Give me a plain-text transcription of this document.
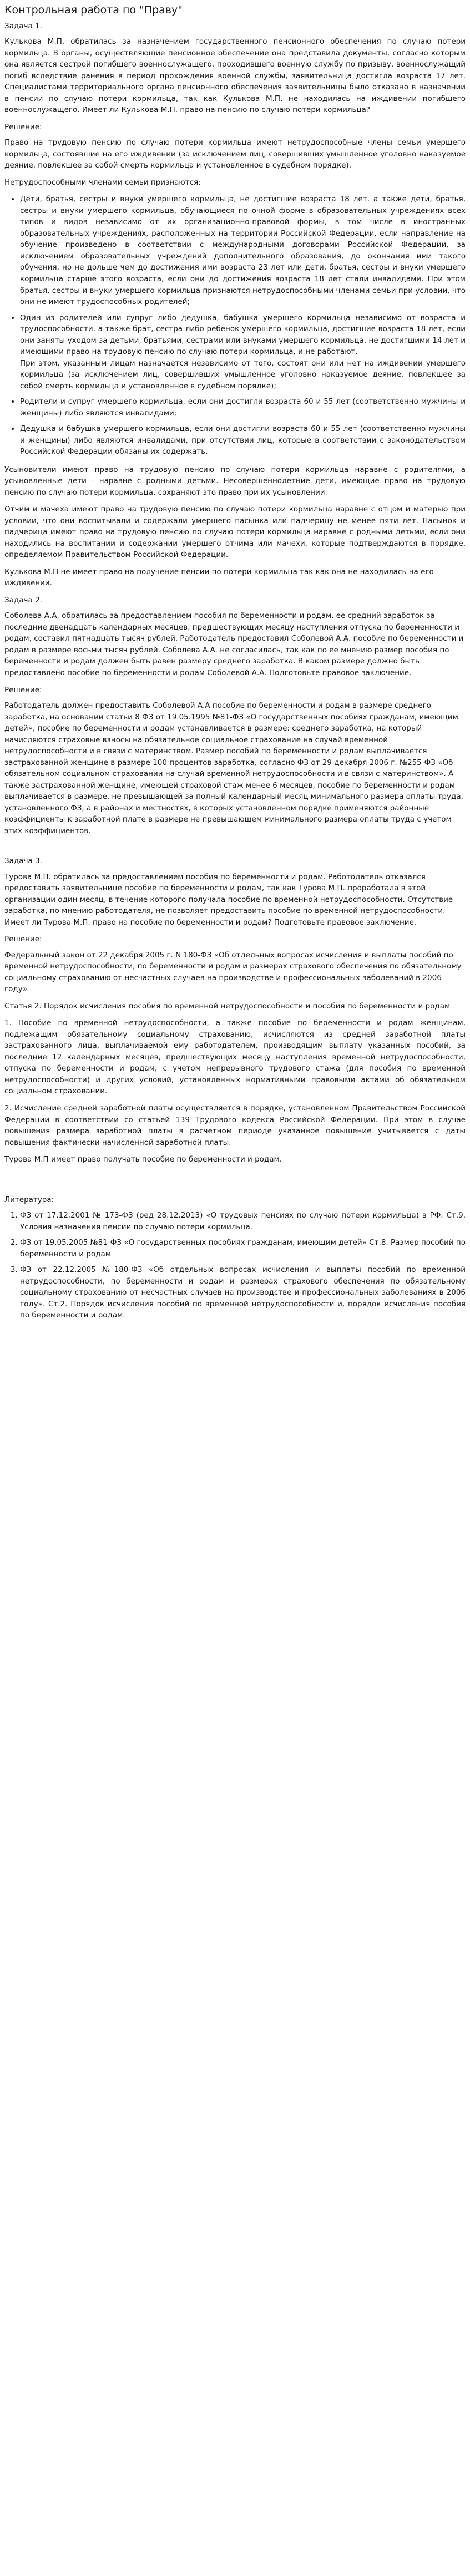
Контрольная работа по "Праву"

Задача 1.

Кулькова М.П. обратилась за назначением государственного пенсионного обеспечения по случаю потери кормильца. В органы, осуществляющие пенсионное обеспечение она представила документы, согласно которым она является сестрой погибшего военнослужащего, проходившего военную службу по призыву, военнослужащий погиб вследствие ранения в период прохождения военной службы, заявительница достигла возраста 17 лет. Специалистами территориального органа пенсионного обеспечения заявительницы было отказано в назначении в пенсии по случаю потери кормильца, так как Кулькова М.П. не находилась на иждивении погибшего военнослужащего. Имеет ли Кулькова М.П. право на пенсию по случаю потери кормильца?

Решение:

Право на трудовую пенсию по случаю потери кормильца имеют нетрудоспособные члены семьи умершего кормильца, состоявшие на его иждивении (за исключением лиц, совершивших умышленное уголовно наказуемое деяние, повлекшее за собой смерть кормильца и установленное в судебном порядке).

Нетрудоспособными членами семьи признаются:

• Дети, братья, сестры и внуки умершего кормильца, не достигшие возраста 18 лет, а также дети, братья, сестры и внуки умершего кормильца, обучающиеся по очной форме в образовательных учреждениях всех типов и видов независимо от их организационно-правовой формы, в том числе в иностранных образовательных учреждениях, расположенных на территории Российской Федерации, если направление на обучение произведено в соответствии с международными договорами Российской Федерации, за исключением образовательных учреждений дополнительного образования, до окончания ими такого обучения, но не дольше чем до достижения ими возраста 23 лет или дети, братья, сестры и внуки умершего кормильца старше этого возраста, если они до достижения возраста 18 лет стали инвалидами. При этом братья, сестры и внуки умершего кормильца признаются нетрудоспособными членами семьи при условии, что они не имеют трудоспособных родителей;
• Один из родителей или супруг либо дедушка, бабушка умершего кормильца независимо от возраста и трудоспособности, а также брат, сестра либо ребенок умершего кормильца, достигшие возраста 18 лет, если они заняты уходом за детьми, братьями, сестрами или внуками умершего кормильца, не достигшими 14 лет и имеющими право на трудовую пенсию по случаю потери кормильца, и не работают.
При этом, указанным лицам назначается независимо от того, состоят они или нет на иждивении умершего кормильца (за исключением лиц, совершивших умышленное уголовно наказуемое деяние, повлекшее за собой смерть кормильца и установленное в судебном порядке);
• Родители и супруг умершего кормильца, если они достигли возраста 60 и 55 лет (соответственно мужчины и женщины) либо являются инвалидами;
• Дедушка и бабушка умершего кормильца, если они достигли возраста 60 и 55 лет (соответственно мужчины и женщины) либо являются инвалидами, при отсутствии лиц, которые в соответствии с законодательством Российской Федерации обязаны их содержать.

Усыновители имеют право на трудовую пенсию по случаю потери кормильца наравне с родителями, а усыновленные дети - наравне с родными детьми. Несовершеннолетние дети, имеющие право на трудовую пенсию по случаю потери кормильца, сохраняют это право при их усыновлении.

Отчим и мачеха имеют право на трудовую пенсию по случаю потери кормильца наравне с отцом и матерью при условии, что они воспитывали и содержали умершего пасынка или падчерицу не менее пяти лет. Пасынок и падчерица имеют право на трудовую пенсию по случаю потери кормильца наравне с родными детьми, если они находились на воспитании и содержании умершего отчима или мачехи, которые подтверждаются в порядке, определяемом Правительством Российской Федерации.

Кулькова М.П не имеет право на получение пенсии по потери кормильца так как она не находилась на его иждивении.

Задача 2.

Соболева А.А. обратилась за предоставлением пособия по беременности и родам, ее средний заработок за последние двенадцать календарных месяцев, предшествующих месяцу наступления отпуска по беременности и родам, составил пятнадцать тысяч рублей. Работодатель предоставил Соболевой А.А. пособие по беременности и родам в размере восьми тысяч рублей. Соболева А.А. не согласилась, так как по ее мнению размер пособия по беременности и родам должен быть равен размеру среднего заработка. В каком размере должно быть предоставлено пособие по беременности и родам Соболевой А.А. Подготовьте правовое заключение.

Решение:

Работодатель должен предоставить Соболевой А.А пособие по беременности и родам в размере среднего заработка, на основании статьи 8 ФЗ от 19.05.1995 №81-ФЗ «О государственных пособиях гражданам, имеющим детей», пособие по беременности и родам устанавливается в размере: среднего заработка, на который начисляются страховые взносы на обязательное социальное страхование на случай временной нетрудоспособности и в связи с материнством. Размер пособий по беременности и родам выплачивается застрахованной женщине в размере 100 процентов заработка, согласно ФЗ от 29 декабря 2006 г. №255-ФЗ «Об обязательном социальном страховании на случай временной нетрудоспособности и в связи с материнством». А также застрахованной женщине, имеющей страховой стаж менее 6 месяцев, пособие по беременности и родам выплачивается в размере, не превышающей за полный календарный месяц минимального размера оплаты труда, установленного ФЗ, а в районах и местностях, в которых установленном порядке применяются районные коэффициенты к заработной плате в размере не превышающем минимального размера оплаты труда с учетом этих коэффициентов.

Задача 3.

Турова М.П. обратилась за предоставлением пособия по беременности и родам. Работодатель отказался предоставить заявительнице пособие по беременности и родам, так как Турова М.П. проработала в этой организации один месяц, в течение которого получала пособие по временной нетрудоспособности. Отсутствие заработка, по мнению работодателя, не позволяет предоставить пособие по временной нетрудоспособности. Имеет ли Турова М.П. право на пособие по беременности и родам? Подготовьте правовое заключение.

Решение:

Федеральный закон от 22 декабря 2005 г. N 180-ФЗ «Об отдельных вопросах исчисления и выплаты пособий по временной нетрудоспособности, по беременности и родам и размерах страхового обеспечения по обязательному социальному страхованию от несчастных случаев на производстве и профессиональных заболеваний в 2006 году»

Статья 2. Порядок исчисления пособия по временной нетрудоспособности и пособия по беременности и родам

1. Пособие по временной нетрудоспособности, а также пособие по беременности и родам женщинам, подлежащим обязательному социальному страхованию, исчисляются из средней заработной платы застрахованного лица, выплачиваемой ему работодателем, производящим выплату указанных пособий, за последние 12 календарных месяцев, предшествующих месяцу наступления временной нетрудоспособности, отпуска по беременности и родам, с учетом непрерывного трудового стажа (для пособия по временной нетрудоспособности) и других условий, установленных нормативными правовыми актами об обязательном социальном страховании.

2. Исчисление средней заработной платы осуществляется в порядке, установленном Правительством Российской Федерации в соответствии со статьей 139 Трудового кодекса Российской Федерации. При этом в случае повышения размера заработной платы в расчетном периоде указанное повышение учитывается с даты повышения фактически начисленной заработной платы.

Турова М.П имеет право получать пособие по беременности и родам.

Литература:

1. ФЗ от 17.12.2001 № 173-ФЗ (ред 28.12.2013) «О трудовых пенсиях по случаю потери кормильца) в РФ. Ст.9. Условия назначения пенсии по случаю потери кормильца.
2. ФЗ от 19.05.2005 №81-ФЗ «О государственных пособиях гражданам, имеющим детей» Ст.8. Размер пособий по беременности и родам
3. ФЗ от 22.12.2005 №180-ФЗ «Об отдельных вопросах исчисления и выплаты пособий по временной нетрудоспособности, по беременности и родам и размерах страхового обеспечения по обязательному социальному страхованию от несчастных случаев на производстве и профессиональных заболеваниях в 2006 году». Ст.2. Порядок исчисления пособий по временной нетрудоспособности и, порядок исчисления пособия по беременности и родам.
